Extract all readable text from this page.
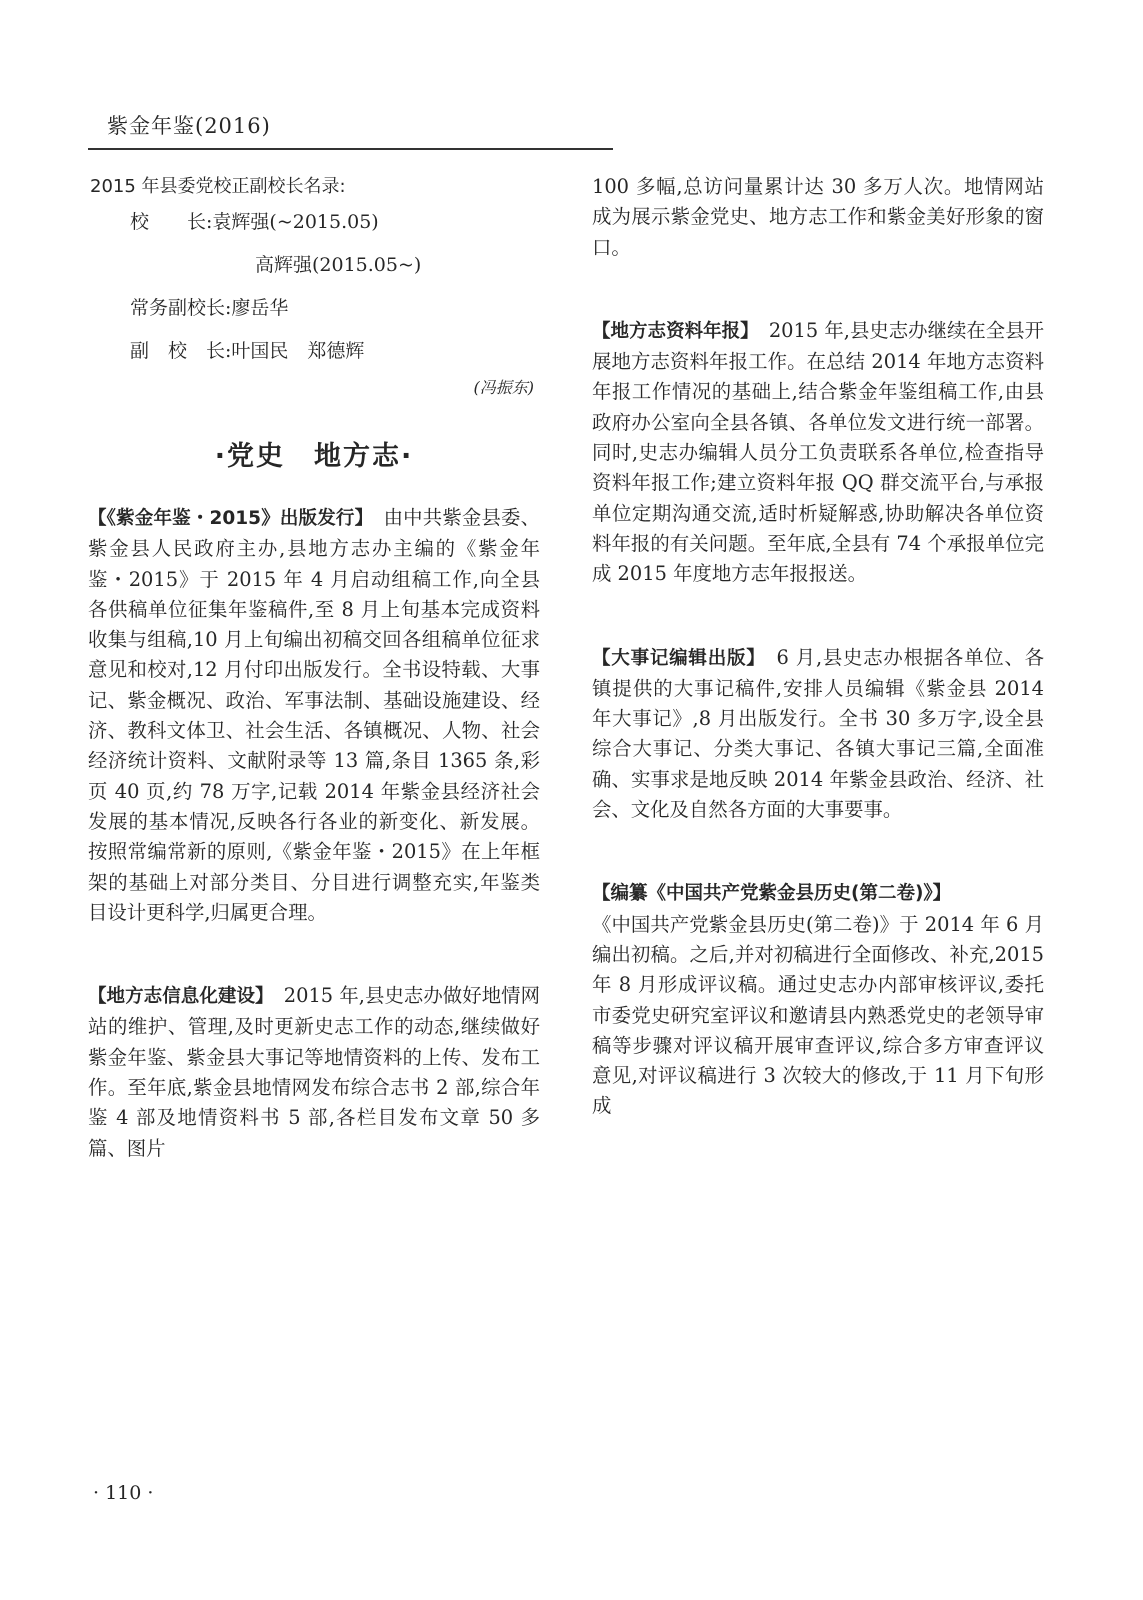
紫金年鉴(2016)
2015 年县委党校正副校长名录:
校　　长:袁辉强(~2015.05)
高辉强(2015.05~)
常务副校长:廖岳华
副　校　长:叶国民　郑德辉
(冯振东)
·党史　地方志·

【《紫金年鉴・2015》出版发行】　 由中共紫金县委、紫金县人民政府主办,县地方志办主编的《紫金年鉴・2015》于 2015 年 4 月启动组稿工作,向全县各供稿单位征集年鉴稿件,至 8 月上旬基本完成资料收集与组稿,10 月上旬编出初稿交回各组稿单位征求意见和校对,12 月付印出版发行。全书设特载、大事记、紫金概况、政治、军事法制、基础设施建设、经济、教科文体卫、社会生活、各镇概况、人物、社会经济统计资料、文献附录等 13 篇,条目 1365 条,彩页 40 页,约 78 万字,记载 2014 年紫金县经济社会发展的基本情况,反映各行各业的新变化、新发展。按照常编常新的原则,《紫金年鉴・2015》在上年框架的基础上对部分类目、分目进行调整充实,年鉴类目设计更科学,归属更合理。

【地方志信息化建设】　 2015 年,县史志办做好地情网站的维护、管理,及时更新史志工作的动态,继续做好紫金年鉴、紫金县大事记等地情资料的上传、发布工作。至年底,紫金县地情网发布综合志书 2 部,综合年鉴 4 部及地情资料书 5 部,各栏目发布文章 50 多篇、图片

100 多幅,总访问量累计达 30 多万人次。地情网站成为展示紫金党史、地方志工作和紫金美好形象的窗口。

【地方志资料年报】　 2015 年,县史志办继续在全县开展地方志资料年报工作。在总结 2014 年地方志资料年报工作情况的基础上,结合紫金年鉴组稿工作,由县政府办公室向全县各镇、各单位发文进行统一部署。同时,史志办编辑人员分工负责联系各单位,检查指导资料年报工作;建立资料年报 QQ 群交流平台,与承报单位定期沟通交流,适时析疑解惑,协助解决各单位资料年报的有关问题。至年底,全县有 74 个承报单位完成 2015 年度地方志年报报送。

【大事记编辑出版】　 6 月,县史志办根据各单位、各镇提供的大事记稿件,安排人员编辑《紫金县 2014 年大事记》,8 月出版发行。全书 30 多万字,设全县综合大事记、分类大事记、各镇大事记三篇,全面准确、实事求是地反映 2014 年紫金县政治、经济、社会、文化及自然各方面的大事要事。

【编纂《中国共产党紫金县历史(第二卷)》】
《中国共产党紫金县历史(第二卷)》于 2014 年 6 月编出初稿。之后,并对初稿进行全面修改、补充,2015 年 8 月形成评议稿。通过史志办内部审核评议,委托市委党史研究室评议和邀请县内熟悉党史的老领导审稿等步骤对评议稿开展审查评议,综合多方审查评议意见,对评议稿进行 3 次较大的修改,于 11 月下旬形成

· 110 ·
